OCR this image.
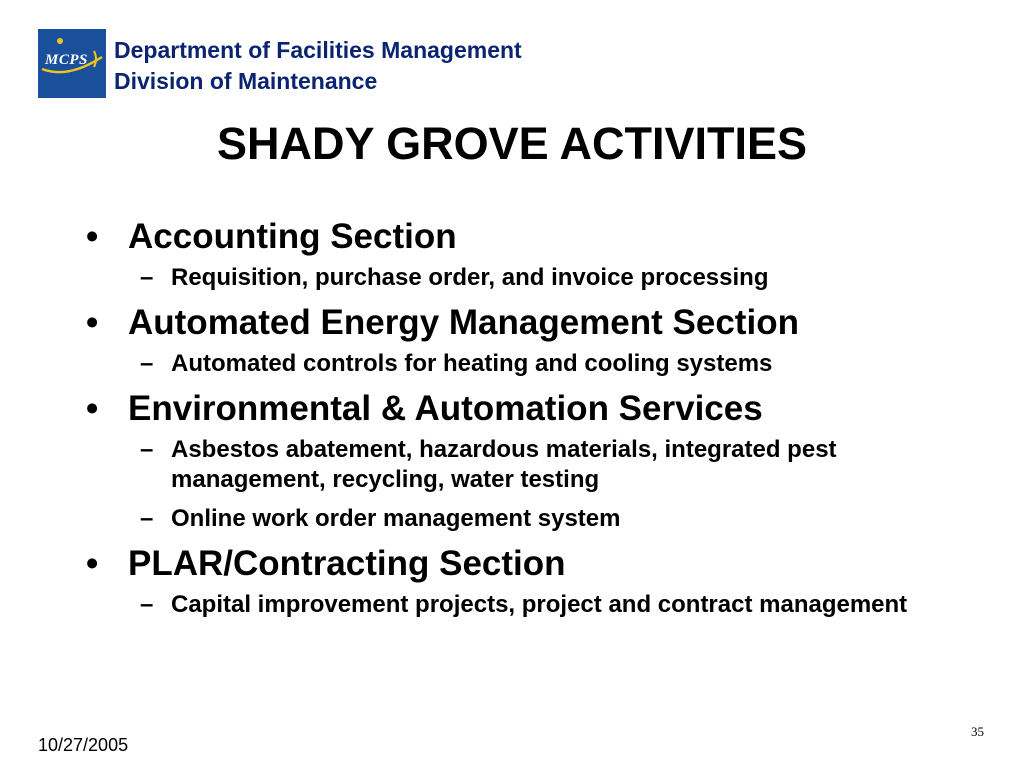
MCPS Department of Facilities Management
Division of Maintenance
SHADY GROVE ACTIVITIES
• Accounting Section
– Requisition, purchase order, and invoice processing
• Automated Energy Management Section
– Automated controls for heating and cooling systems
• Environmental & Automation Services
– Asbestos abatement, hazardous materials, integrated pest management, recycling, water testing
– Online work order management system
• PLAR/Contracting Section
– Capital improvement projects, project and contract management
10/27/2005
35
